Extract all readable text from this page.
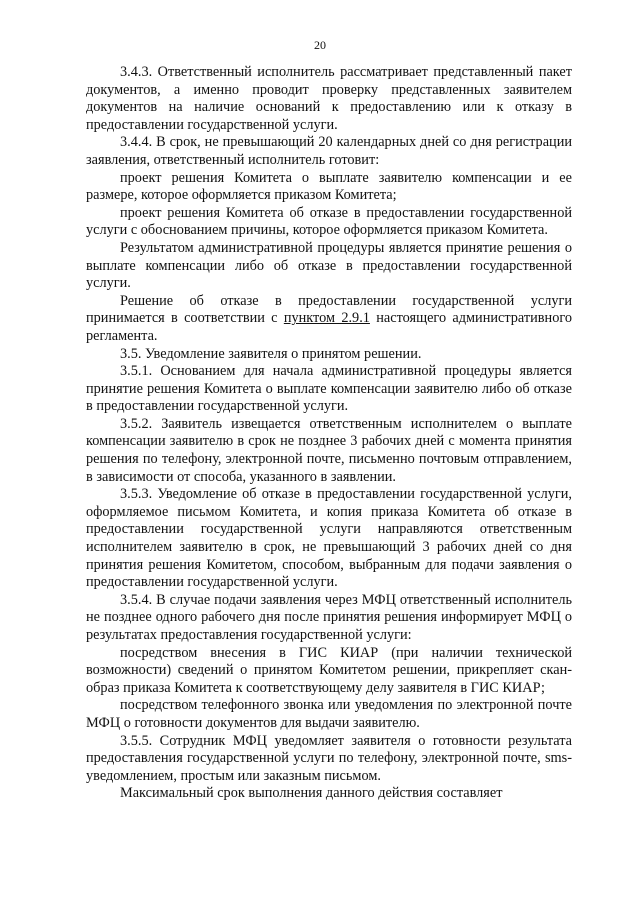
20

3.4.3. Ответственный исполнитель рассматривает представленный пакет документов, а именно проводит проверку представленных заявителем документов на наличие оснований к предоставлению или к отказу в предоставлении государственной услуги.

3.4.4. В срок, не превышающий 20 календарных дней со дня регистрации заявления, ответственный исполнитель готовит:

проект решения Комитета о выплате заявителю компенсации и ее размере, которое оформляется приказом Комитета;

проект решения Комитета об отказе в предоставлении государственной услуги с обоснованием причины, которое оформляется приказом Комитета.

Результатом административной процедуры является принятие решения о выплате компенсации либо об отказе в предоставлении государственной услуги.

Решение об отказе в предоставлении государственной услуги принимается в соответствии с пунктом 2.9.1 настоящего административного регламента.

3.5. Уведомление заявителя о принятом решении.

3.5.1. Основанием для начала административной процедуры является принятие решения Комитета о выплате компенсации заявителю либо об отказе в предоставлении государственной услуги.

3.5.2. Заявитель извещается ответственным исполнителем о выплате компенсации заявителю в срок не позднее 3 рабочих дней с момента принятия решения по телефону, электронной почте, письменно почтовым отправлением, в зависимости от способа, указанного в заявлении.

3.5.3. Уведомление об отказе в предоставлении государственной услуги, оформляемое письмом Комитета, и копия приказа Комитета об отказе в предоставлении государственной услуги направляются ответственным исполнителем заявителю в срок, не превышающий 3 рабочих дней со дня принятия решения Комитетом, способом, выбранным для подачи заявления о предоставлении государственной услуги.

3.5.4. В случае подачи заявления через МФЦ ответственный исполнитель не позднее одного рабочего дня после принятия решения информирует МФЦ о результатах предоставления государственной услуги:

посредством внесения в ГИС КИАР (при наличии технической возможности) сведений о принятом Комитетом решении, прикрепляет скан-образ приказа Комитета к соответствующему делу заявителя в ГИС КИАР;

посредством телефонного звонка или уведомления по электронной почте МФЦ о готовности документов для выдачи заявителю.

3.5.5. Сотрудник МФЦ уведомляет заявителя о готовности результата предоставления государственной услуги по телефону, электронной почте, sms-уведомлением, простым или заказным письмом.

Максимальный срок выполнения данного действия составляет
